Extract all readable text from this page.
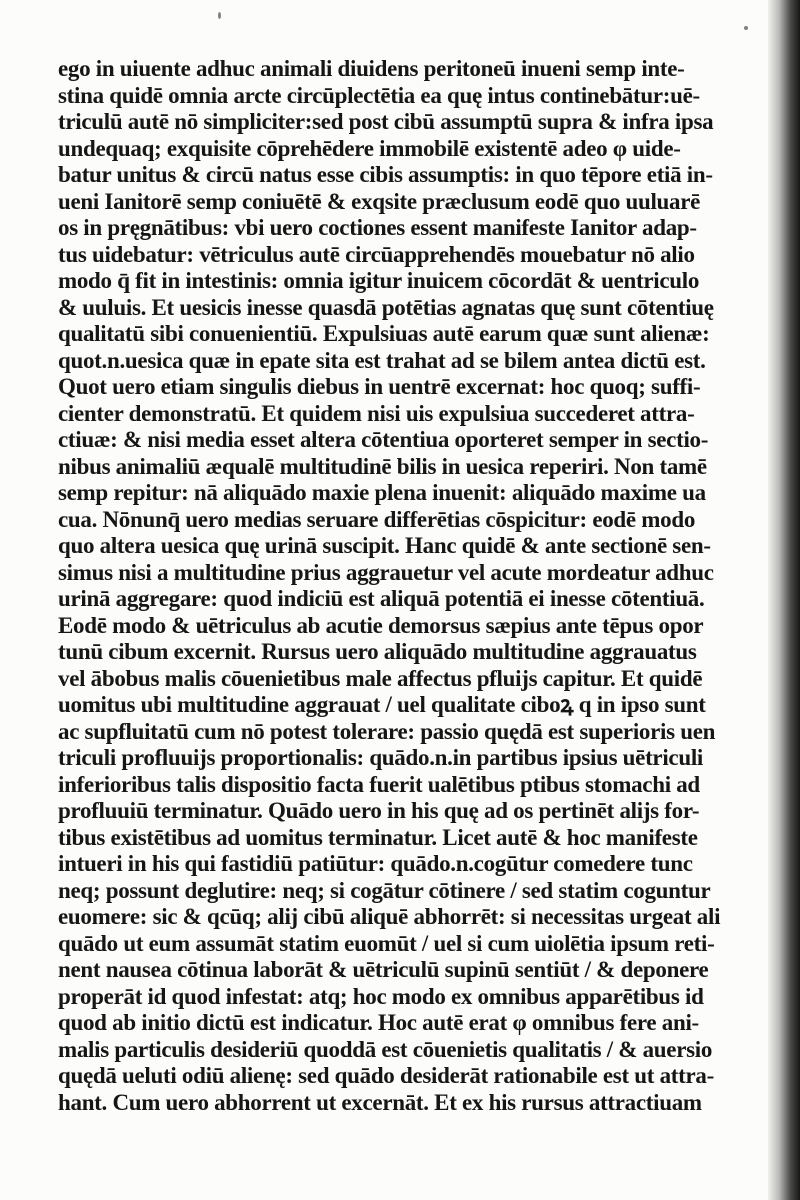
ego in uiuente adhuc animali diuidens peritoneū inueni semp inte-
stina quidē omnia arcte circūplectētia ea quę intus continebātur:uē-
triculū autē nō simpliciter:sed post cibū assumptū supra & infra ipsa
undequaq; exquisite cōprehēdere immobilē existentē adeo φ uide-
batur unitus & circū natus esse cibis assumptis: in quo tēpore etiā in-
ueni Ianitorē semp coniuētē & exqsite præclusum eodē quo uuluarē
os in pręgnātibus: vbi uero coctiones essent manifeste Ianitor adap-
tus uidebatur: vētriculus autē circūapprehendēs mouebatur nō alio
modo q̄ fit in intestinis: omnia igitur inuicem cōcordāt & uentriculo
& uuluis. Et uesicis inesse quasdā potētias agnatas quę sunt cōtentiuę
qualitatū sibi conuenientiū. Expulsiuas autē earum quæ sunt alienæ:
quot.n.uesica quæ in epate sita est trahat ad se bilem antea dictū est.
Quot uero etiam singulis diebus in uentrē excernat: hoc quoq; suffi-
cienter demonstratū. Et quidem nisi uis expulsiua succederet attra-
ctiuæ: & nisi media esset altera cōtentiua oporteret semper in sectio-
nibus animaliū æqualē multitudinē bilis in uesica reperiri. Non tamē
semp repitur: nā aliquādo maxie plena inuenit: aliquādo maxime ua
cua. Nōnunq̄ uero medias seruare differētias cōspicitur: eodē modo
quo altera uesica quę urinā suscipit. Hanc quidē & ante sectionē sen-
simus nisi a multitudine prius aggrauetur vel acute mordeatur adhuc
urinā aggregare: quod indiciū est aliquā potentiā ei inesse cōtentiuā.
Eodē modo & uētriculus ab acutie demorsus sæpius ante tēpus opor
tunū cibum excernit. Rursus uero aliquādo multitudine aggrauatus
vel ābobus malis cōuenietibus male affectus pfluijs capitur. Et quidē
uomitus ubi multitudine aggrauat / uel qualitate ciboꝝ q in ipso sunt
ac supfluitatū cum nō potest tolerare: passio quędā est superioris uen
triculi profluuijs proportionalis: quādo.n.in partibus ipsius uētriculi
inferioribus talis dispositio facta fuerit ualētibus ptibus stomachi ad
profluuiū terminatur. Quādo uero in his quę ad os pertinēt alijs for-
tibus existētibus ad uomitus terminatur. Licet autē & hoc manifeste
intueri in his qui fastidiū patiūtur: quādo.n.cogūtur comedere tunc
neq; possunt deglutire: neq; si cogātur cōtinere / sed statim coguntur
euomere: sic & qcūq; alij cibū aliquē abhorrēt: si necessitas urgeat ali
quādo ut eum assumāt statim euomūt / uel si cum uiolētia ipsum reti-
nent nausea cōtinua laborāt & uētriculū supinū sentiūt / & deponere
properāt id quod infestat: atq; hoc modo ex omnibus apparētibus id
quod ab initio dictū est indicatur. Hoc autē erat φ omnibus fere ani-
malis particulis desideriū quoddā est cōuenietis qualitatis / & auersio
quędā ueluti odiū alienę: sed quādo desiderāt rationabile est ut attra-
hant. Cum uero abhorrent ut excernāt. Et ex his rursus attractiuam
